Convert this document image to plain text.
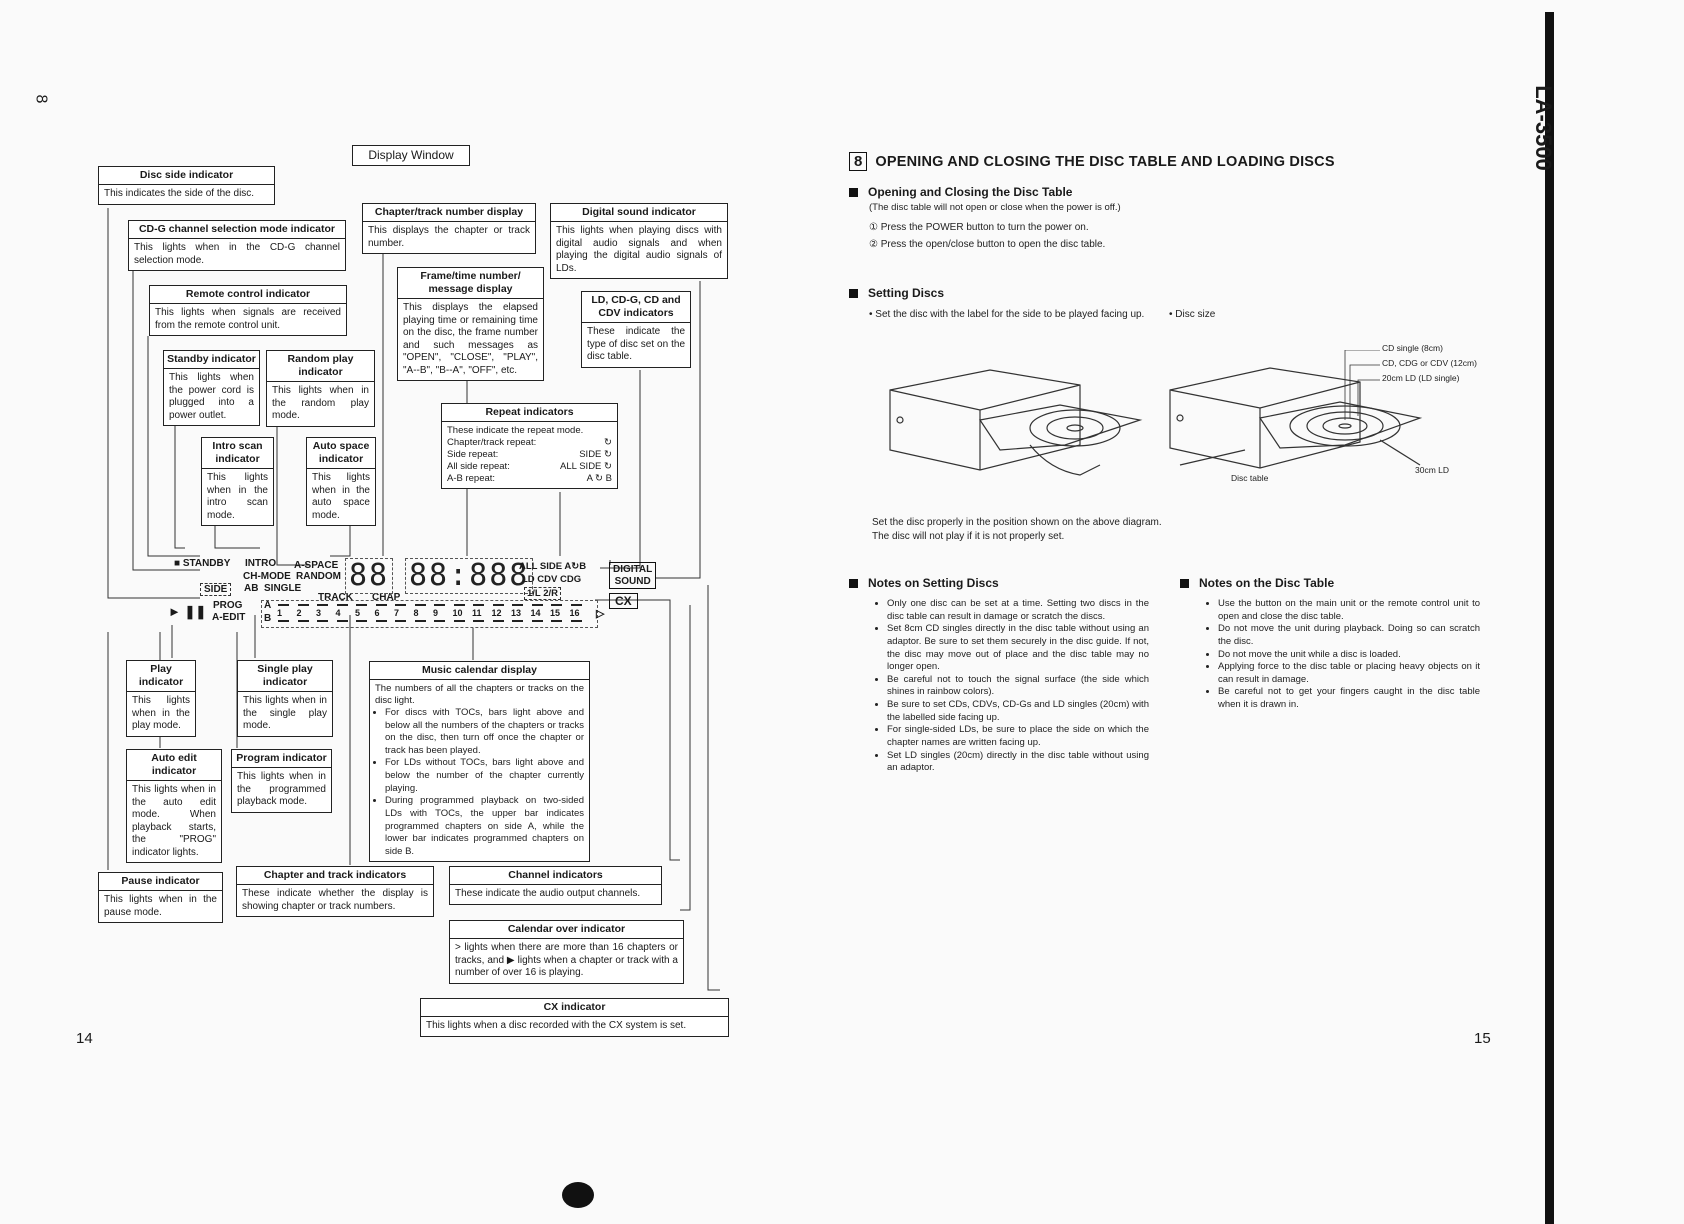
8
14
Display Window
Disc side indicator
This indicates the side of the disc.
CD-G channel selection mode indicator
This lights when in the CD-G channel selection mode.
Remote control indicator
This lights when signals are received from the remote control unit.
Standby indicator
This lights when the power cord is plugged into a power outlet.
Random play indicator
This lights when in the random play mode.
Intro scan indicator
This lights when in the intro scan mode.
Auto space indicator
This lights when in the auto space mode.
Chapter/track number display
This displays the chapter or track number.
Frame/time number/ message display
This displays the elapsed playing time or remaining time on the disc, the frame number and such messages as "OPEN", "CLOSE", "PLAY", "A--B", "B--A", "OFF", etc.
Digital sound indicator
This lights when playing discs with digital audio signals and when playing the digital audio signals of LDs.
LD, CD-G, CD and CDV indicators
These indicate the type of disc set on the disc table.
Repeat indicators
These indicate the repeat mode.
Chapter/track repeat:	↻
Side repeat:	SIDE ↻
All side repeat:	ALL SIDE ↻
A-B repeat:	A ↻ B
■ STANDBY INTRO A-SPACE
CH-MODE RANDOM
SIDE	AB SINGLE
TRACK CHAP
PROG
A-EDIT
► ❚❚
88 88:888
ALL SIDE A↻B
LD CDV CDG
1/L 2/R
DIGITAL
SOUND
CX
A
B 1 2 3 4 5 6 7 8 9 10 11 12 13 14 15 16 ▷
Play indicator
This lights when in the play mode.
Single play indicator
This lights when in the single play mode.
Auto edit indicator
This lights when in the auto edit mode. When playback starts, the "PROG" indicator lights.
Program indicator
This lights when in the programmed playback mode.
Music calendar display
The numbers of all the chapters or tracks on the disc light.
• For discs with TOCs, bars light above and below all the numbers of the chapters or tracks on the disc, then turn off once the chapter or track has been played.
• For LDs without TOCs, bars light above and below the number of the chapter currently playing.
• During programmed playback on two-sided LDs with TOCs, the upper bar indicates programmed chapters on side A, while the lower bar indicates programmed chapters on side B.
Pause indicator
This lights when in the pause mode.
Chapter and track indicators
These indicate whether the display is showing chapter or track numbers.
Channel indicators
These indicate the audio output channels.
Calendar over indicator
> lights when there are more than 16 chapters or tracks, and ▶ lights when a chapter or track with a number of over 16 is playing.
CX indicator
This lights when a disc recorded with the CX system is set.
LA-3500
15
8 OPENING AND CLOSING THE DISC TABLE AND LOADING DISCS
Opening and Closing the Disc Table
(The disc table will not open or close when the power is off.)
① Press the POWER button to turn the power on.
② Press the open/close button to open the disc table.
Setting Discs
• Set the disc with the label for the side to be played facing up.	• Disc size
CD single (8cm)
CD, CDG or CDV (12cm)
20cm LD (LD single)
30cm LD
Disc table
Set the disc properly in the position shown on the above diagram.
The disc will not play if it is not properly set.
Notes on Setting Discs
• Only one disc can be set at a time. Setting two discs in the disc table can result in damage or scratch the discs.
• Set 8cm CD singles directly in the disc table without using an adaptor. Be sure to set them securely in the disc guide. If not, the disc may move out of place and the disc table may no longer open.
• Be careful not to touch the signal surface (the side which shines in rainbow colors).
• Be sure to set CDs, CDVs, CD-Gs and LD singles (20cm) with the labelled side facing up.
• For single-sided LDs, be sure to place the side on which the chapter names are written facing up.
• Set LD singles (20cm) directly in the disc table without using an adaptor.
Notes on the Disc Table
• Use the button on the main unit or the remote control unit to open and close the disc table.
• Do not move the unit during playback. Doing so can scratch the disc.
• Do not move the unit while a disc is loaded.
• Applying force to the disc table or placing heavy objects on it can result in damage.
• Be careful not to get your fingers caught in the disc table when it is drawn in.
